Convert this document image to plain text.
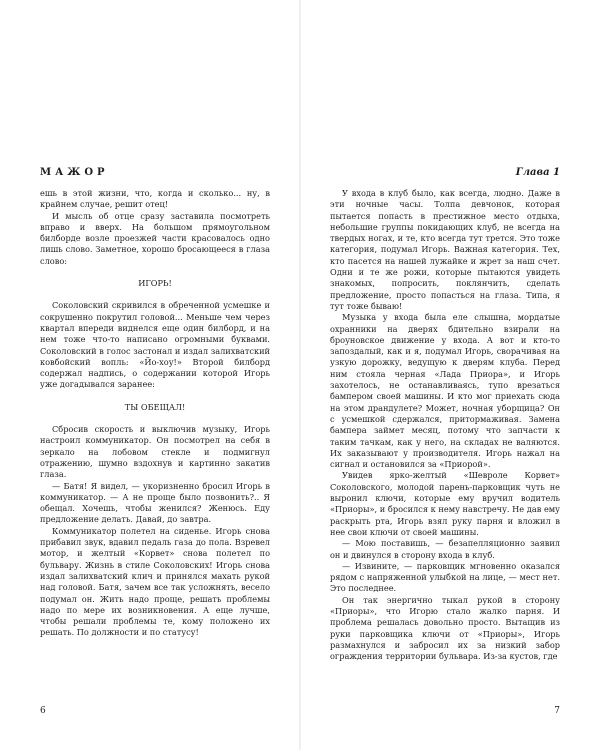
МАЖОР

ешь в этой жизни, что, когда и сколько... ну, в крайнем случае, решит отец!

И мысль об отце сразу заставила посмотреть вправо и вверх. На большом прямоугольном билборде возле проезжей части красовалось одно лишь слово. Заметное, хорошо бросающееся в глаза слово:

ИГОРЬ!

Соколовский скривился в обреченной усмешке и сокрушенно покрутил головой... Меньше чем через квартал впереди виднелся еще один билборд, и на нем тоже что-то написано огромными буквами. Соколовский в голос застонал и издал залихватский ковбойский вопль: «Йо-хоу!» Второй билборд содержал надпись, о содержании которой Игорь уже догадывался заранее:

ТЫ ОБЕЩАЛ!

Сбросив скорость и выключив музыку, Игорь настроил коммуникатор. Он посмотрел на себя в зеркало на лобовом стекле и подмигнул отражению, шумно вздохнув и картинно закатив глаза.

— Батя! Я видел, — укоризненно бросил Игорь в коммуникатор. — А не проще было позвонить?.. Я обещал. Хочешь, чтобы женился? Женюсь. Еду предложение делать. Давай, до завтра.

Коммуникатор полетел на сиденье. Игорь снова прибавил звук, вдавил педаль газа до пола. Взревел мотор, и желтый «Корвет» снова полетел по бульвару. Жизнь в стиле Соколовских! Игорь снова издал залихватский клич и принялся махать рукой над головой. Батя, зачем все так усложнять, весело подумал он. Жить надо проще, решать проблемы надо по мере их возникновения. А еще лучше, чтобы решали проблемы те, кому положено их решать. По должности и по статусу!

6
Глава 1

У входа в клуб было, как всегда, людно. Даже в эти ночные часы. Толпа девчонок, которая пытается попасть в престижное место отдыха, небольшие группы покидающих клуб, не всегда на твердых ногах, и те, кто всегда тут трется. Это тоже категория, подумал Игорь. Важная категория. Тех, кто пасется на нашей лужайке и жрет за наш счет. Одни и те же рожи, которые пытаются увидеть знакомых, попросить, поклянчить, сделать предложение, просто попасться на глаза. Типа, я тут тоже бываю!

Музыка у входа была еле слышна, мордатые охранники на дверях бдительно взирали на броуновское движение у входа. А вот и кто-то запоздалый, как и я, подумал Игорь, сворачивая на узкую дорожку, ведущую к дверям клуба. Перед ним стояла черная «Лада Приора», и Игорь захотелось, не останавливаясь, тупо врезаться бампером своей машины. И кто мог приехать сюда на этом драндулете? Может, ночная уборщица? Он с усмешкой сдержался, притормаживая. Замена бампера займет месяц, потому что запчасти к таким тачкам, как у него, на складах не валяются. Их заказывают у производителя. Игорь нажал на сигнал и остановился за «Приорой».

Увидев ярко-желтый «Шевроле Корвет» Соколовского, молодой парень-парковщик чуть не выронил ключи, которые ему вручил водитель «Приоры», и бросился к нему навстречу. Не дав ему раскрыть рта, Игорь взял руку парня и вложил в нее свои ключи от своей машины.

— Мою поставишь, — безапелляционно заявил он и двинулся в сторону входа в клуб.

— Извините, — парковщик мгновенно оказался рядом с напряженной улыбкой на лице, — мест нет. Это последнее.

Он так энергично тыкал рукой в сторону «Приоры», что Игорю стало жалко парня. И проблема решалась довольно просто. Вытащив из руки парковщика ключи от «Приоры», Игорь размахнулся и забросил их за низкий забор ограждения территории бульвара. Из-за кустов, где

7
